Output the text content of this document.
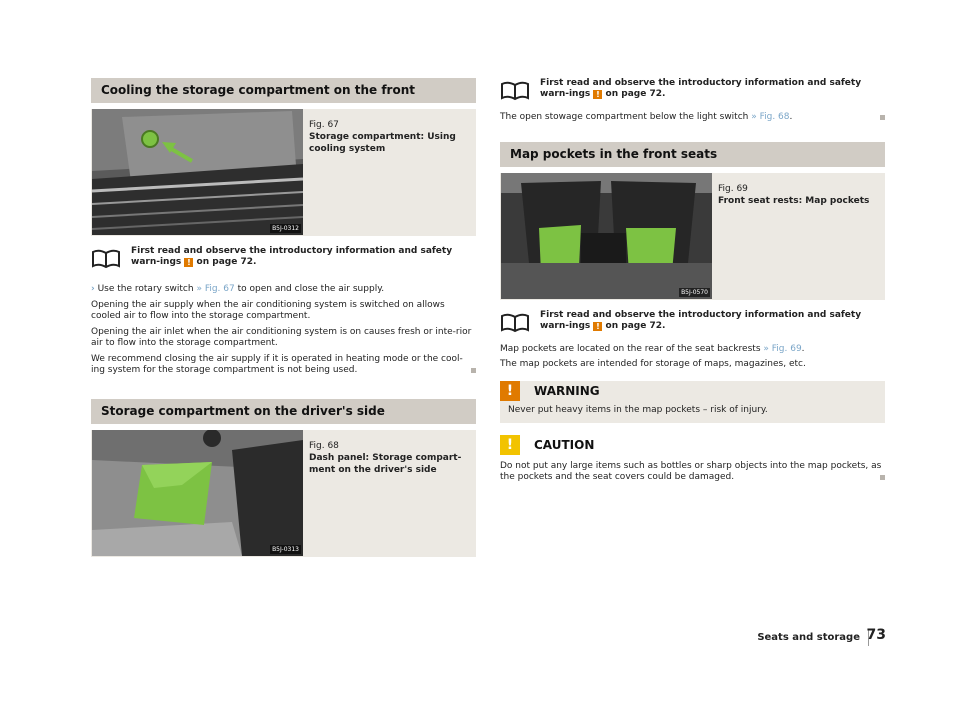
Cooling the storage compartment on the front
B5J-0312
Fig. 67
Storage compartment: Using cooling system
First read and observe the introductory information and safety warn-ings ! on page 72.

› Use the rotary switch » Fig. 67 to open and close the air supply.

Opening the air supply when the air conditioning system is switched on allows cooled air to flow into the storage compartment.

Opening the air inlet when the air conditioning system is on causes fresh or inte-rior air to flow into the storage compartment.

We recommend closing the air supply if it is operated in heating mode or the cool-ing system for the storage compartment is not being used.

Storage compartment on the driver's side
B5J-0313
Fig. 68
Dash panel: Storage compart-ment on the driver's side
First read and observe the introductory information and safety warn-ings ! on page 72.

The open stowage compartment below the light switch » Fig. 68.

Map pockets in the front seats
B5J-0570
Fig. 69
Front seat rests: Map pockets
First read and observe the introductory information and safety warn-ings ! on page 72.

Map pockets are located on the rear of the seat backrests » Fig. 69.

The map pockets are intended for storage of maps, magazines, etc.

!	WARNING

Never put heavy items in the map pockets – risk of injury.

!	CAUTION

Do not put any large items such as bottles or sharp objects into the map pockets, as the pockets and the seat covers could be damaged.

Seats and storage 73
